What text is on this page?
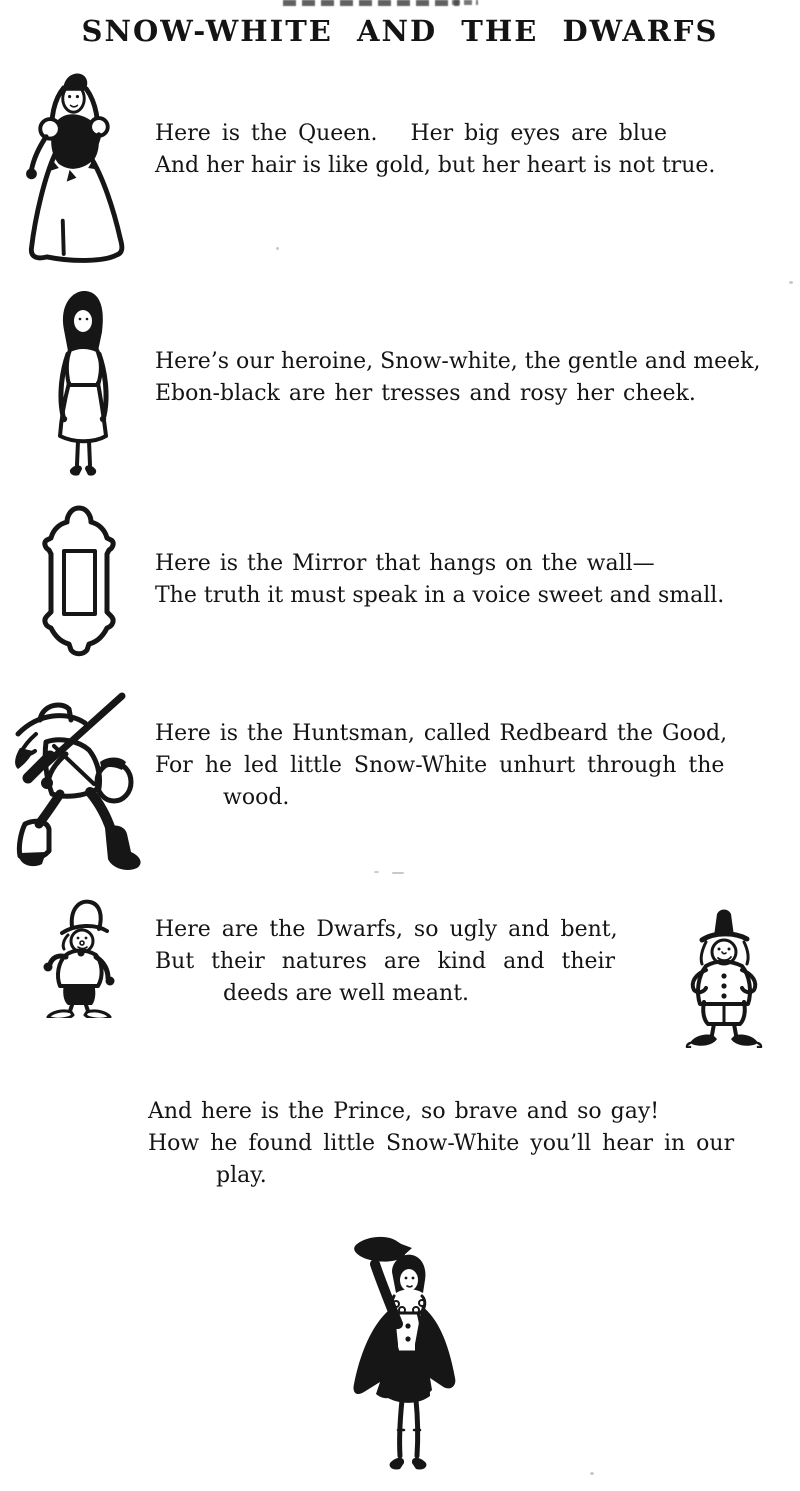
SNOW-WHITE AND THE DWARFS
Here is the Queen.   Her big eyes are blue
And her hair is like gold, but her heart is not true.
Here’s our heroine, Snow-white, the gentle and meek,
Ebon-black are her tresses and rosy her cheek.
Here is the Mirror that hangs on the wall—
The truth it must speak in a voice sweet and small.
Here is the Huntsman, called Redbeard the Good,
For he led little Snow-White unhurt through the
wood.
Here are the Dwarfs, so ugly and bent,
But their natures are kind and their
deeds are well meant.
And here is the Prince, so brave and so gay!
How he found little Snow-White you’ll hear in our
play.
